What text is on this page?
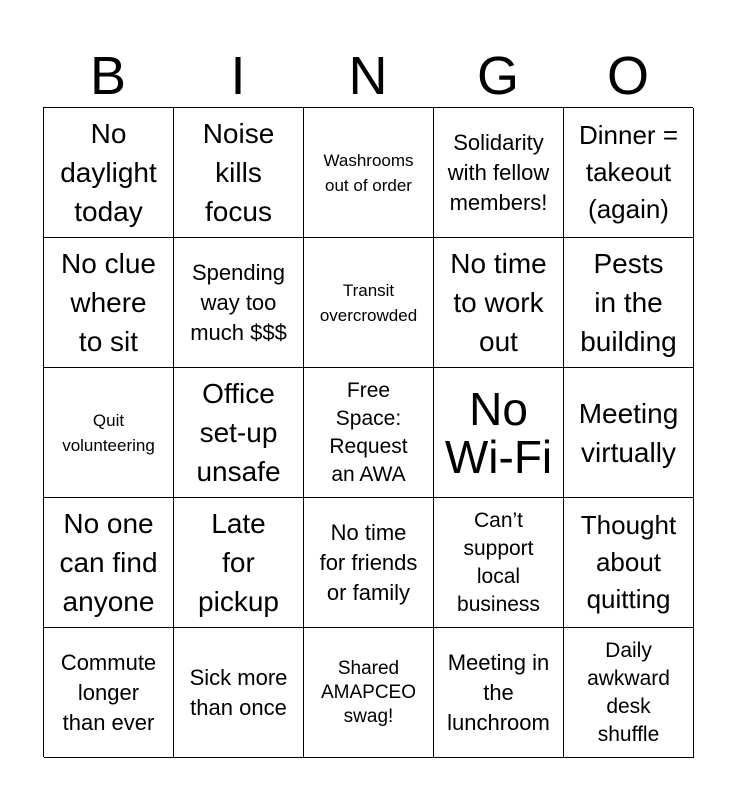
B	I	N	G	O
No
daylight
today
Noise
kills
focus
Washrooms
out of order
Solidarity
with fellow
members!
Dinner =
takeout
(again)
No clue
where
to sit
Spending
way too
much $$$
Transit
overcrowded
No time
to work
out
Pests
in the
building
Quit
volunteering
Office
set-up
unsafe
Free
Space:
Request
an AWA
No
Wi-Fi
Meeting
virtually
No one
can find
anyone
Late
for
pickup
No time
for friends
or family
Can’t
support
local
business
Thought
about
quitting
Commute
longer
than ever
Sick more
than once
Shared
AMAPCEO
swag!
Meeting in
the
lunchroom
Daily
awkward
desk
shuffle
